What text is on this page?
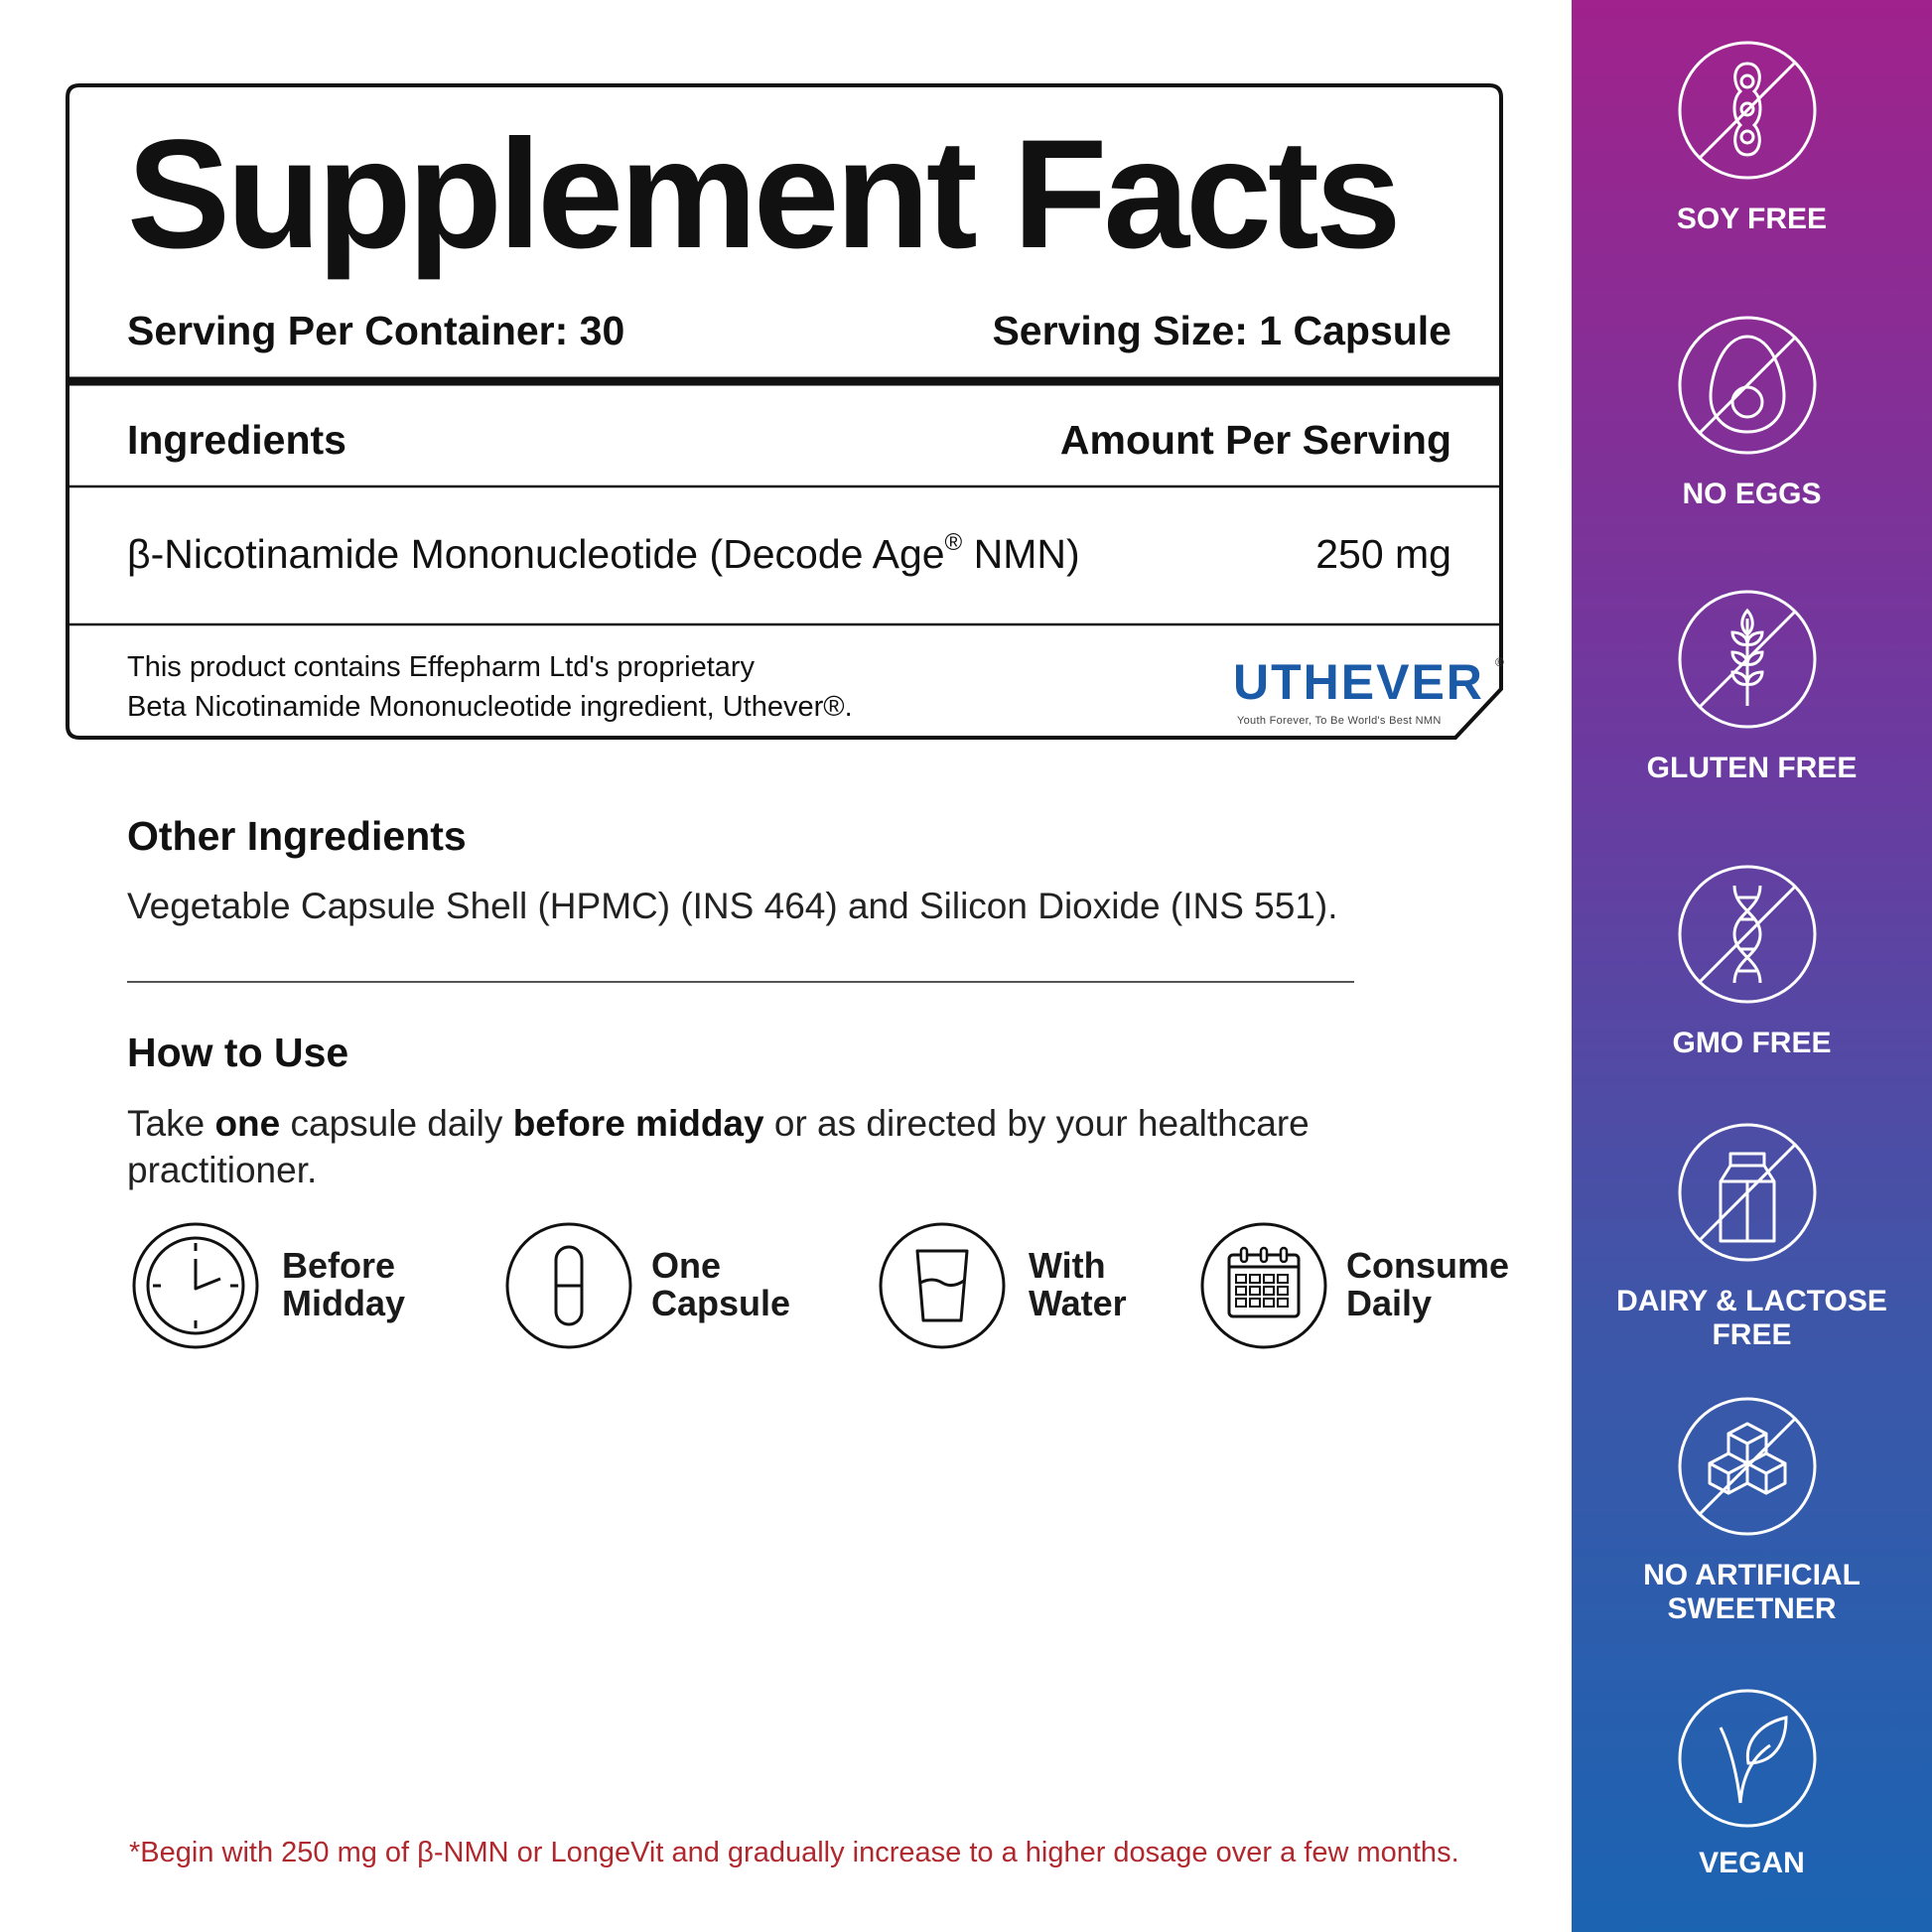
Supplement Facts
Serving Per Container: 30	Serving Size: 1 Capsule
Ingredients	Amount Per Serving
β-Nicotinamide Mononucleotide (Decode Age® NMN)	250 mg
This product contains Effepharm Ltd's proprietary
Beta Nicotinamide Mononucleotide ingredient, Uthever®.	UTHEVER ®
Youth Forever, To Be World's Best NMN
Other Ingredients
Vegetable Capsule Shell (HPMC) (INS 464) and Silicon Dioxide (INS 551).
How to Use
Take one capsule daily before midday or as directed by your healthcare practitioner.
Before
Midday
One
Capsule
With
Water
Consume
Daily
*Begin with 250 mg of β-NMN or LongeVit and gradually increase to a higher dosage over a few months.
SOY FREE
NO EGGS
GLUTEN FREE
GMO FREE
DAIRY & LACTOSE
FREE
NO ARTIFICIAL
SWEETNER
VEGAN
